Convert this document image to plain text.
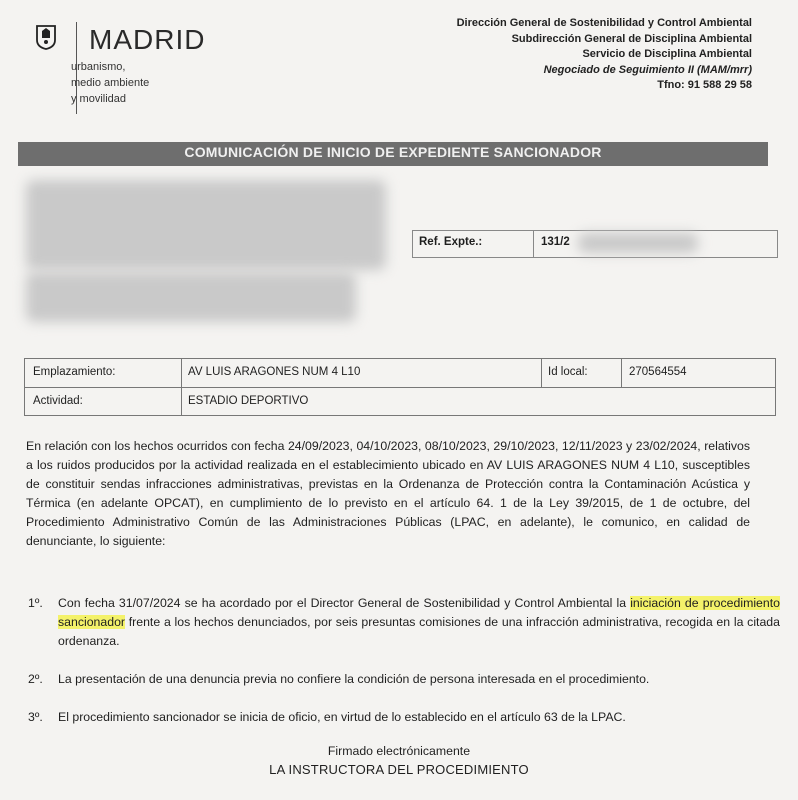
MADRID
urbanismo,
medio ambiente
y movilidad
Dirección General de Sostenibilidad y Control Ambiental
Subdirección General de Disciplina Ambiental
Servicio de Disciplina Ambiental
Negociado de Seguimiento II (MAM/mrr)
Tfno: 91 588 29 58
COMUNICACIÓN DE INICIO DE EXPEDIENTE SANCIONADOR
Ref. Expte.:	131/2
Emplazamiento:	AV LUIS ARAGONES NUM 4 L10	Id local:	270564554
Actividad:	ESTADIO DEPORTIVO
En relación con los hechos ocurridos con fecha 24/09/2023, 04/10/2023, 08/10/2023, 29/10/2023, 12/11/2023 y 23/02/2024, relativos a los ruidos producidos por la actividad realizada en el establecimiento ubicado en AV LUIS ARAGONES NUM 4 L10, susceptibles de constituir sendas infracciones administrativas, previstas en la Ordenanza de Protección contra la Contaminación Acústica y Térmica (en adelante OPCAT), en cumplimiento de lo previsto en el artículo 64. 1 de la Ley 39/2015, de 1 de octubre, del Procedimiento Administrativo Común de las Administraciones Públicas (LPAC, en adelante), le comunico, en calidad de denunciante, lo siguiente:
1º. Con fecha 31/07/2024 se ha acordado por el Director General de Sostenibilidad y Control Ambiental la iniciación de procedimiento sancionador frente a los hechos denunciados, por seis presuntas comisiones de una infracción administrativa, recogida en la citada ordenanza.
2º. La presentación de una denuncia previa no confiere la condición de persona interesada en el procedimiento.
3º. El procedimiento sancionador se inicia de oficio, en virtud de lo establecido en el artículo 63 de la LPAC.
Firmado electrónicamente
LA INSTRUCTORA DEL PROCEDIMIENTO
